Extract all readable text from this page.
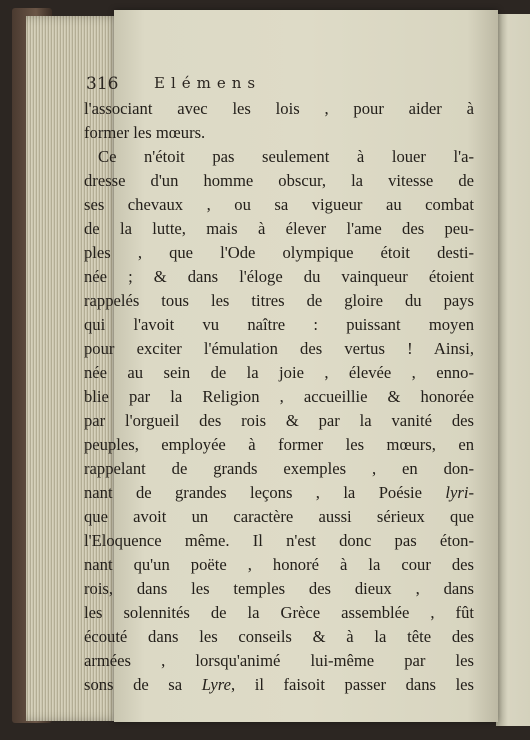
316 Elémens
l'associant avec les lois , pour aider à
former les mœurs.
Ce n'étoit pas seulement à louer l'a-
dresse d'un homme obscur, la vitesse de
ses chevaux , ou sa vigueur au combat
de la lutte, mais à élever l'ame des peu-
ples , que l'Ode olympique étoit desti-
née ; & dans l'éloge du vainqueur étoient
rappelés tous les titres de gloire du pays
qui l'avoit vu naître : puissant moyen
pour exciter l'émulation des vertus ! Ainsi,
née au sein de la joie , élevée , enno-
blie par la Religion , accueillie & honorée
par l'orgueil des rois & par la vanité des
peuples, employée à former les mœurs, en
rappelant de grands exemples , en don-
nant de grandes leçons , la Poésie lyri-
que avoit un caractère aussi sérieux que
l'Eloquence même. Il n'est donc pas éton-
nant qu'un poëte , honoré à la cour des
rois, dans les temples des dieux , dans
les solennités de la Grèce assemblée , fût
écouté dans les conseils & à la tête des
armées , lorsqu'animé lui-même par les
sons de sa Lyre, il faisoit passer dans les
